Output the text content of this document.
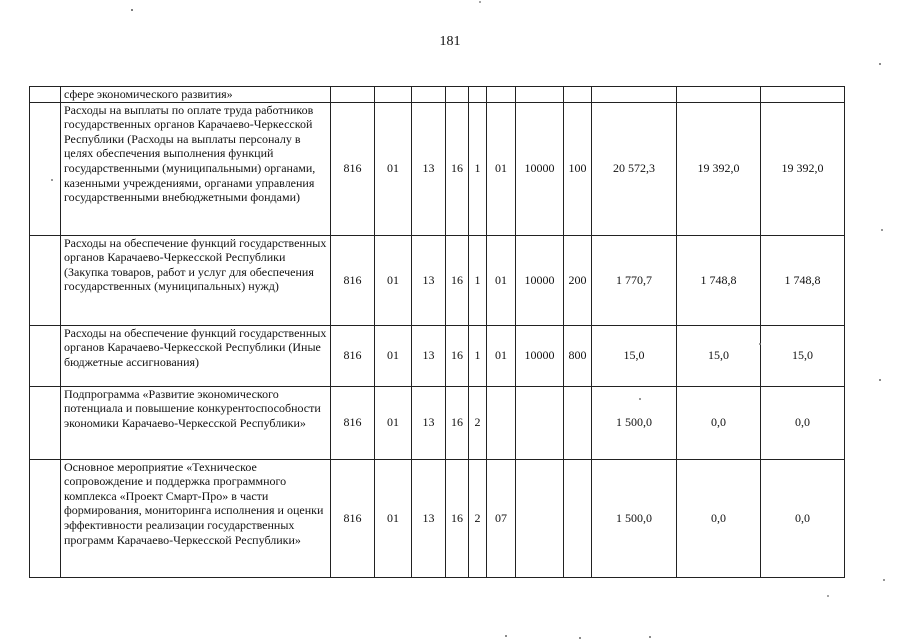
181
	сфере экономического развития»											
	Расходы на выплаты по оплате труда работников государственных органов Карачаево-Черкесской Республики (Расходы на выплаты персоналу в целях обеспечения выполнения функций государственными (муниципальными) органами, казенными учреждениями, органами управления государственными внебюджетными фондами)	816	01	13	16	1	01	10000	100	20 572,3	19 392,0	19 392,0
	Расходы на обеспечение функций государственных органов Карачаево-Черкесской Республики (Закупка товаров, работ и услуг для обеспечения государственных (муниципальных) нужд)	816	01	13	16	1	01	10000	200	1 770,7	1 748,8	1 748,8
	Расходы на обеспечение функций государственных органов Карачаево-Черкесской Республики (Иные бюджетные ассигнования)	816	01	13	16	1	01	10000	800	15,0	15,0	15,0
	Подпрограмма «Развитие экономического потенциала и повышение конкурентоспособности экономики Карачаево-Черкесской Республики»	816	01	13	16	2				1 500,0	0,0	0,0
	Основное мероприятие «Техническое сопровождение и поддержка программного комплекса «Проект Смарт-Про» в части формирования, мониторинга исполнения и оценки эффективности реализации государственных программ Карачаево-Черкесской Республики»	816	01	13	16	2	07			1 500,0	0,0	0,0
